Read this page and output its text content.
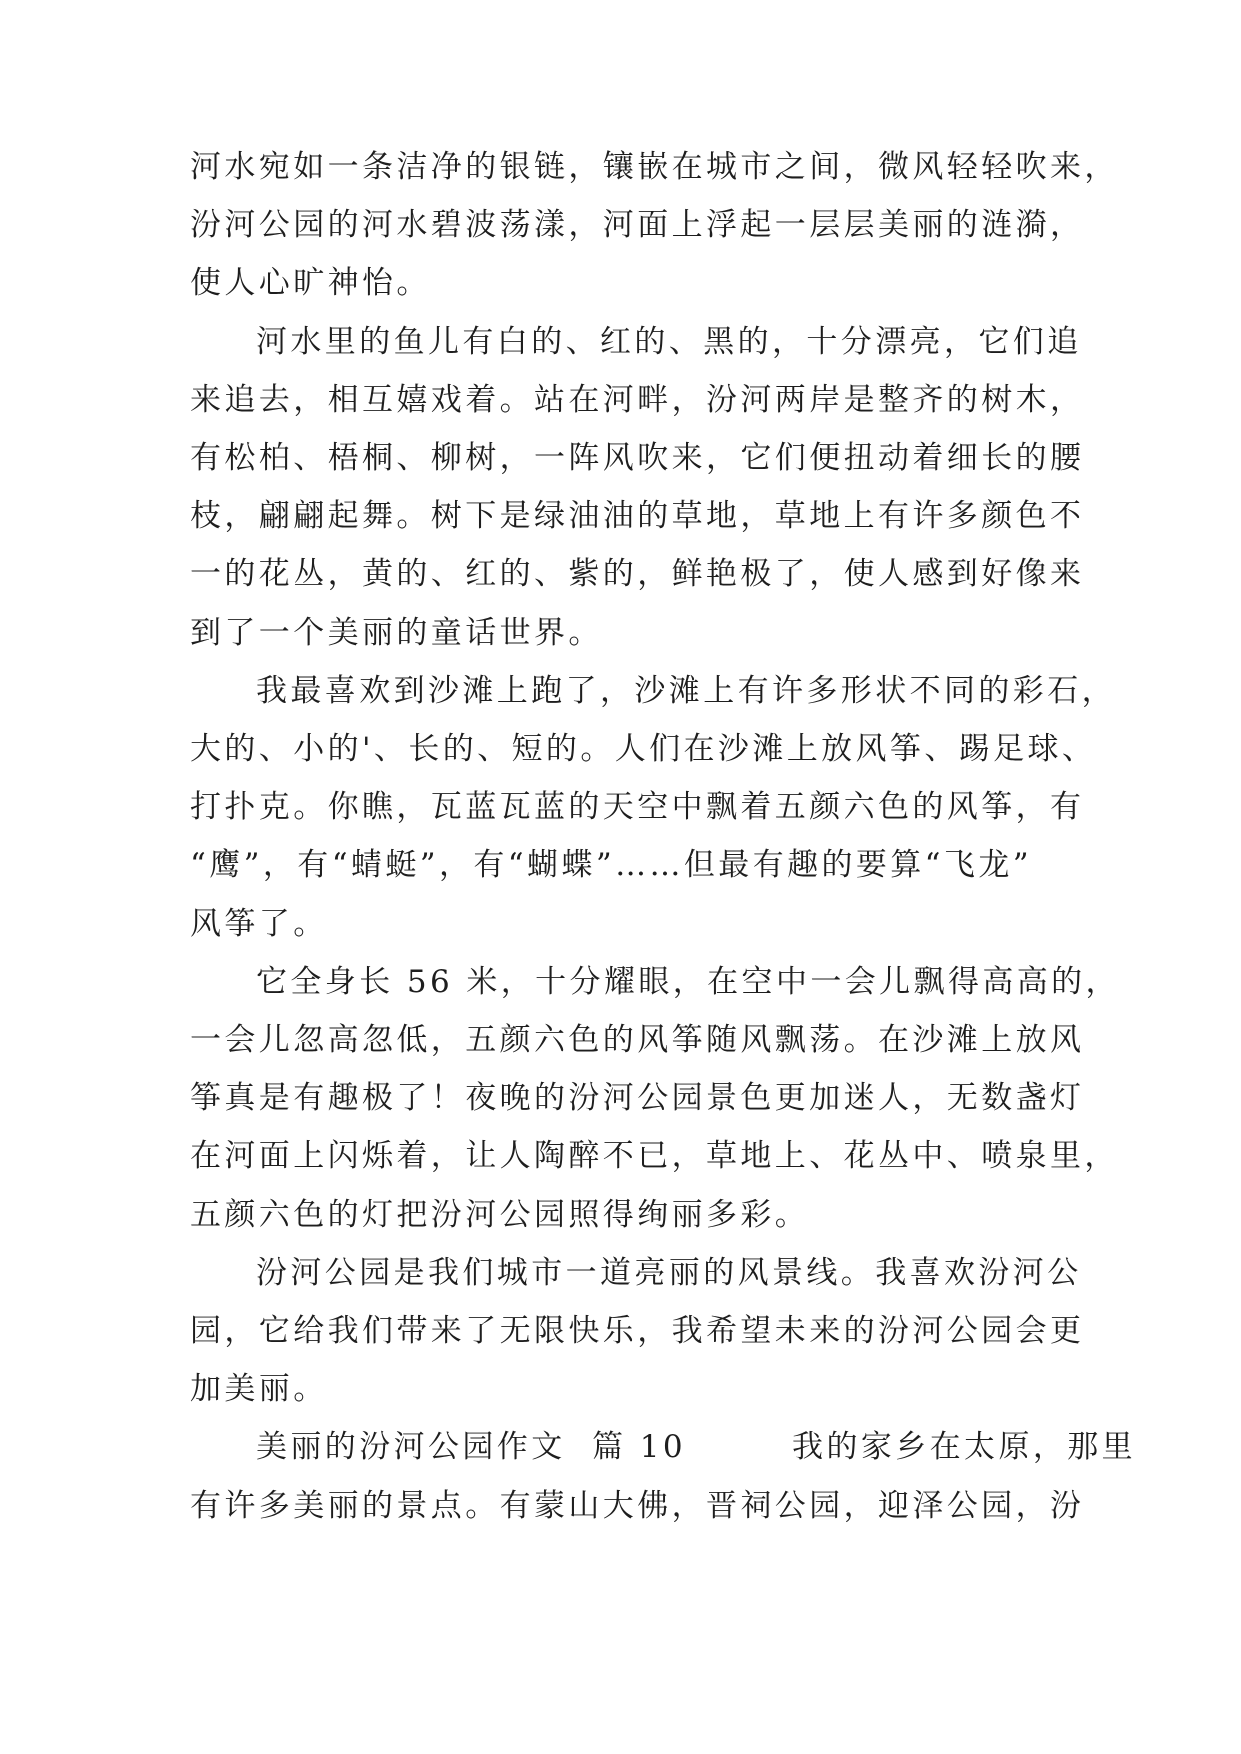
河水宛如一条洁净的银链，镶嵌在城市之间，微风轻轻吹来，
汾河公园的河水碧波荡漾，河面上浮起一层层美丽的涟漪，
使人心旷神怡。
河水里的鱼儿有白的、红的、黑的，十分漂亮，它们追
来追去，相互嬉戏着。站在河畔，汾河两岸是整齐的树木，
有松柏、梧桐、柳树，一阵风吹来，它们便扭动着细长的腰
枝，翩翩起舞。树下是绿油油的草地，草地上有许多颜色不
一的花丛，黄的、红的、紫的，鲜艳极了，使人感到好像来
到了一个美丽的童话世界。
我最喜欢到沙滩上跑了，沙滩上有许多形状不同的彩石，
大的、小的'、长的、短的。人们在沙滩上放风筝、踢足球、
打扑克。你瞧，瓦蓝瓦蓝的天空中飘着五颜六色的风筝，有
“鹰”，有“蜻蜓”，有“蝴蝶”……但最有趣的要算“飞龙”
风筝了。
它全身长 56 米，十分耀眼，在空中一会儿飘得高高的，
一会儿忽高忽低，五颜六色的风筝随风飘荡。在沙滩上放风
筝真是有趣极了！夜晚的汾河公园景色更加迷人，无数盏灯
在河面上闪烁着，让人陶醉不已，草地上、花丛中、喷泉里，
五颜六色的灯把汾河公园照得绚丽多彩。
汾河公园是我们城市一道亮丽的风景线。我喜欢汾河公
园，它给我们带来了无限快乐，我希望未来的汾河公园会更
加美丽。
美丽的汾河公园作文  篇 10        我的家乡在太原，那里
有许多美丽的景点。有蒙山大佛，晋祠公园，迎泽公园，汾
